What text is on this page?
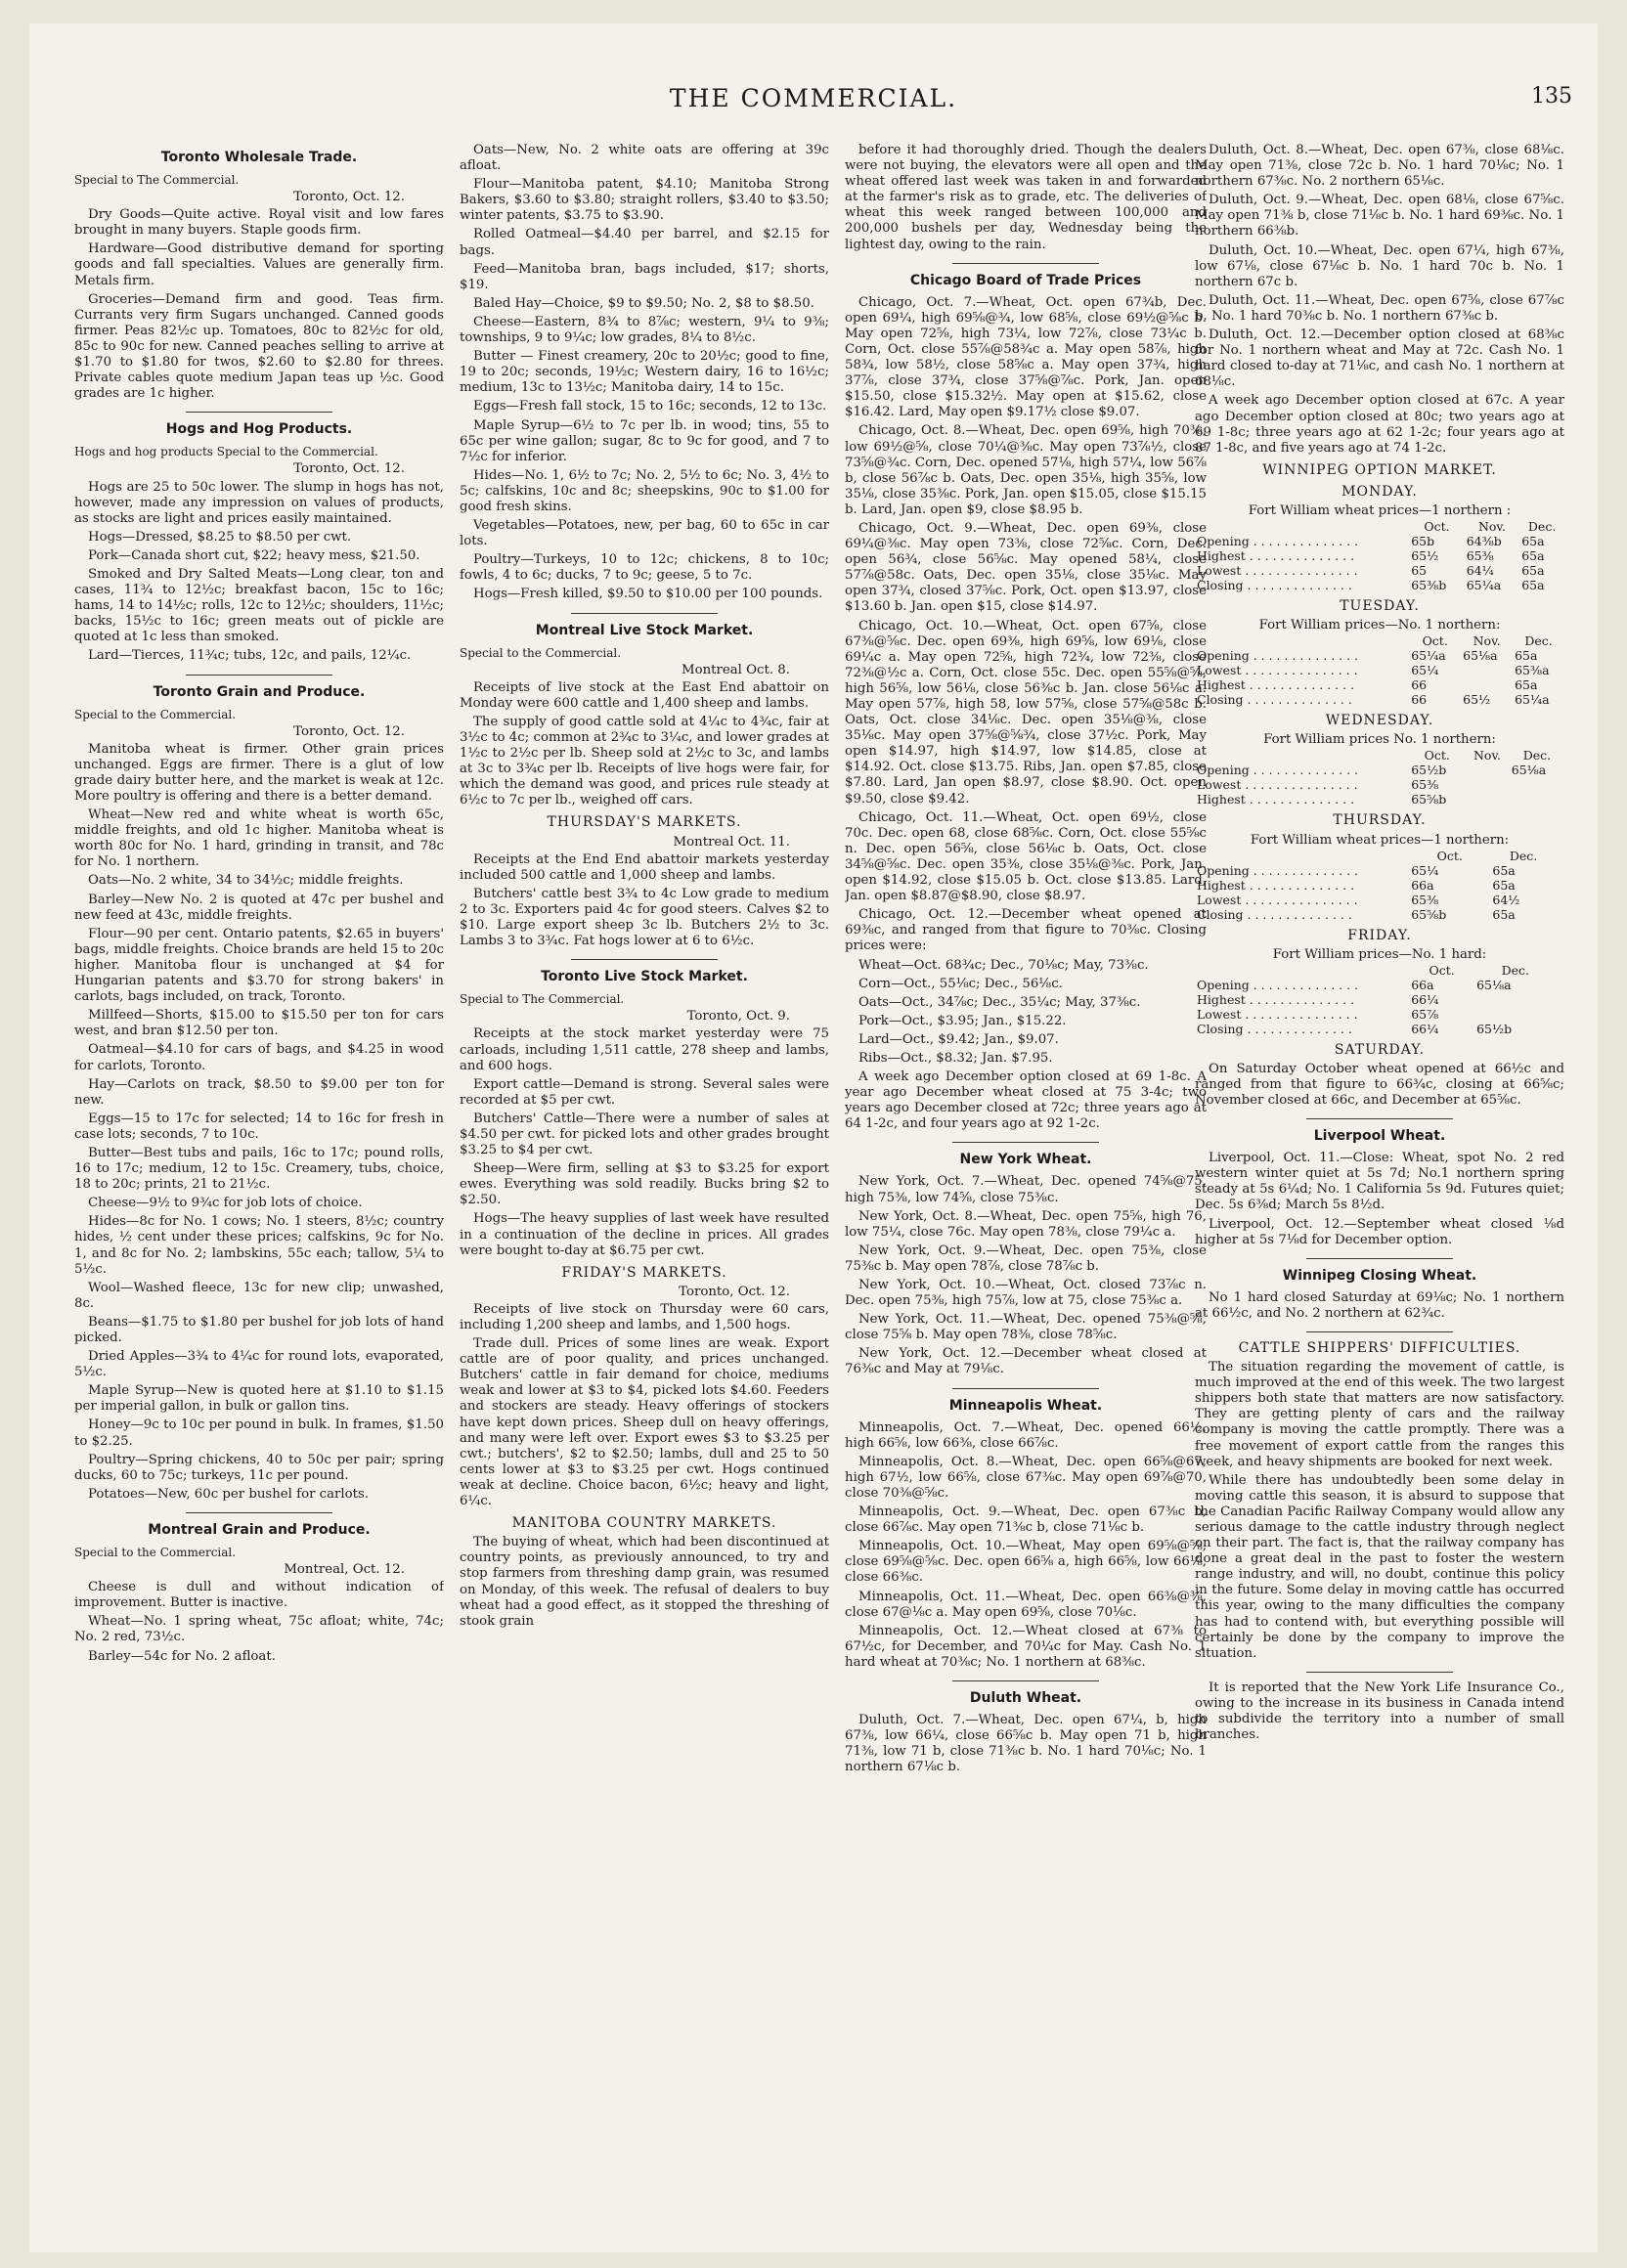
THE COMMERCIAL.	135
Toronto Wholesale Trade.
Special to The Commercial.
Toronto, Oct. 12.

Dry Goods—Quite active. Royal visit and low fares brought in many buyers. Staple goods firm.

Hardware—Good distributive demand for sporting goods and fall specialties. Values are generally firm. Metals firm.

Groceries—Demand firm and good. Teas firm. Currants very firm Sugars unchanged. Canned goods firmer. Peas 82½c up. Tomatoes, 80c to 82½c for old, 85c to 90c for new. Canned peaches selling to arrive at $1.70 to $1.80 for twos, $2.60 to $2.80 for threes. Private cables quote medium Japan teas up ½c. Good grades are 1c higher.

Hogs and Hog Products.
Hogs and hog products Special to the Commercial.
Toronto, Oct. 12.

Hogs are 25 to 50c lower. The slump in hogs has not, however, made any impression on values of products, as stocks are light and prices easily maintained.

Hogs—Dressed, $8.25 to $8.50 per cwt.

Pork—Canada short cut, $22; heavy mess, $21.50.

Smoked and Dry Salted Meats—Long clear, ton and cases, 11¾ to 12½c; breakfast bacon, 15c to 16c; hams, 14 to 14½c; rolls, 12c to 12½c; shoulders, 11½c; backs, 15½c to 16c; green meats out of pickle are quoted at 1c less than smoked.

Lard—Tierces, 11¾c; tubs, 12c, and pails, 12¼c.

Toronto Grain and Produce.
Special to the Commercial.
Toronto, Oct. 12.

Manitoba wheat is firmer. Other grain prices unchanged. Eggs are firmer. There is a glut of low grade dairy butter here, and the market is weak at 12c. More poultry is offering and there is a better demand.

Wheat—New red and white wheat is worth 65c, middle freights, and old 1c higher. Manitoba wheat is worth 80c for No. 1 hard, grinding in transit, and 78c for No. 1 northern.

Oats—No. 2 white, 34 to 34½c; middle freights.

Barley—New No. 2 is quoted at 47c per bushel and new feed at 43c, middle freights.

Flour—90 per cent. Ontario patents, $2.65 in buyers' bags, middle freights. Choice brands are held 15 to 20c higher. Manitoba flour is unchanged at $4 for Hungarian patents and $3.70 for strong bakers' in carlots, bags included, on track, Toronto.

Millfeed—Shorts, $15.00 to $15.50 per ton for cars west, and bran $12.50 per ton.

Oatmeal—$4.10 for cars of bags, and $4.25 in wood for carlots, Toronto.

Hay—Carlots on track, $8.50 to $9.00 per ton for new.

Eggs—15 to 17c for selected; 14 to 16c for fresh in case lots; seconds, 7 to 10c.

Butter—Best tubs and pails, 16c to 17c; pound rolls, 16 to 17c; medium, 12 to 15c. Creamery, tubs, choice, 18 to 20c; prints, 21 to 21½c.

Cheese—9½ to 9¾c for job lots of choice.

Hides—8c for No. 1 cows; No. 1 steers, 8½c; country hides, ½ cent under these prices; calfskins, 9c for No. 1, and 8c for No. 2; lambskins, 55c each; tallow, 5¼ to 5½c.

Wool—Washed fleece, 13c for new clip; unwashed, 8c.

Beans—$1.75 to $1.80 per bushel for job lots of hand picked.

Dried Apples—3¾ to 4¼c for round lots, evaporated, 5½c.

Maple Syrup—New is quoted here at $1.10 to $1.15 per imperial gallon, in bulk or gallon tins.

Honey—9c to 10c per pound in bulk. In frames, $1.50 to $2.25.

Poultry—Spring chickens, 40 to 50c per pair; spring ducks, 60 to 75c; turkeys, 11c per pound.

Potatoes—New, 60c per bushel for carlots.

Montreal Grain and Produce.
Special to the Commercial.
Montreal, Oct. 12.

Cheese is dull and without indication of improvement. Butter is inactive.

Wheat—No. 1 spring wheat, 75c afloat; white, 74c; No. 2 red, 73½c.

Barley—54c for No. 2 afloat.

Oats—New, No. 2 white oats are offering at 39c afloat.

Flour—Manitoba patent, $4.10; Manitoba Strong Bakers, $3.60 to $3.80; straight rollers, $3.40 to $3.50; winter patents, $3.75 to $3.90.

Rolled Oatmeal—$4.40 per barrel, and $2.15 for bags.

Feed—Manitoba bran, bags included, $17; shorts, $19.

Baled Hay—Choice, $9 to $9.50; No. 2, $8 to $8.50.

Cheese—Eastern, 8¾ to 8⅞c; western, 9¼ to 9⅜; townships, 9 to 9¼c; low grades, 8¼ to 8½c.

Butter — Finest creamery, 20c to 20½c; good to fine, 19 to 20c; seconds, 19½c; Western dairy, 16 to 16½c; medium, 13c to 13½c; Manitoba dairy, 14 to 15c.

Eggs—Fresh fall stock, 15 to 16c; seconds, 12 to 13c.

Maple Syrup—6½ to 7c per lb. in wood; tins, 55 to 65c per wine gallon; sugar, 8c to 9c for good, and 7 to 7½c for inferior.

Hides—No. 1, 6½ to 7c; No. 2, 5½ to 6c; No. 3, 4½ to 5c; calfskins, 10c and 8c; sheepskins, 90c to $1.00 for good fresh skins.

Vegetables—Potatoes, new, per bag, 60 to 65c in car lots.

Poultry—Turkeys, 10 to 12c; chickens, 8 to 10c; fowls, 4 to 6c; ducks, 7 to 9c; geese, 5 to 7c.

Hogs—Fresh killed, $9.50 to $10.00 per 100 pounds.

Montreal Live Stock Market.
Special to the Commercial.
Montreal Oct. 8.

Receipts of live stock at the East End abattoir on Monday were 600 cattle and 1,400 sheep and lambs.

The supply of good cattle sold at 4¼c to 4¾c, fair at 3½c to 4c; common at 2¾c to 3¼c, and lower grades at 1½c to 2½c per lb. Sheep sold at 2½c to 3c, and lambs at 3c to 3¾c per lb. Receipts of live hogs were fair, for which the demand was good, and prices rule steady at 6½c to 7c per lb., weighed off cars.

THURSDAY'S MARKETS.
Montreal Oct. 11.

Receipts at the End End abattoir markets yesterday included 500 cattle and 1,000 sheep and lambs.

Butchers' cattle best 3¾ to 4c Low grade to medium 2 to 3c. Exporters paid 4c for good steers. Calves $2 to $10. Large export sheep 3c lb. Butchers 2½ to 3c. Lambs 3 to 3¾c. Fat hogs lower at 6 to 6½c.

Toronto Live Stock Market.
Special to The Commercial.
Toronto, Oct. 9.

Receipts at the stock market yesterday were 75 carloads, including 1,511 cattle, 278 sheep and lambs, and 600 hogs.

Export cattle—Demand is strong. Several sales were recorded at $5 per cwt.

Butchers' Cattle—There were a number of sales at $4.50 per cwt. for picked lots and other grades brought $3.25 to $4 per cwt.

Sheep—Were firm, selling at $3 to $3.25 for export ewes. Everything was sold readily. Bucks bring $2 to $2.50.

Hogs—The heavy supplies of last week have resulted in a continuation of the decline in prices. All grades were bought to-day at $6.75 per cwt.

FRIDAY'S MARKETS.
Toronto, Oct. 12.

Receipts of live stock on Thursday were 60 cars, including 1,200 sheep and lambs, and 1,500 hogs.

Trade dull. Prices of some lines are weak. Export cattle are of poor quality, and prices unchanged. Butchers' cattle in fair demand for choice, mediums weak and lower at $3 to $4, picked lots $4.60. Feeders and stockers are steady. Heavy offerings of stockers have kept down prices. Sheep dull on heavy offerings, and many were left over. Export ewes $3 to $3.25 per cwt.; butchers', $2 to $2.50; lambs, dull and 25 to 50 cents lower at $3 to $3.25 per cwt. Hogs continued weak at decline. Choice bacon, 6½c; heavy and light, 6¼c.

MANITOBA COUNTRY MARKETS.

The buying of wheat, which had been discontinued at country points, as previously announced, to try and stop farmers from threshing damp grain, was resumed on Monday, of this week. The refusal of dealers to buy wheat had a good effect, as it stopped the threshing of stook grain

before it had thoroughly dried. Though the dealers were not buying, the elevators were all open and the wheat offered last week was taken in and forwarded at the farmer's risk as to grade, etc. The deliveries of wheat this week ranged between 100,000 and 200,000 bushels per day, Wednesday being the lightest day, owing to the rain.

Chicago Board of Trade Prices

Chicago, Oct. 7.—Wheat, Oct. open 67¾b, Dec. open 69¼, high 69⅝@¾, low 68⅝, close 69½@⅝c b. May open 72⅝, high 73¼, low 72⅞, close 73¼c b. Corn, Oct. close 55⅞@58¾c a. May open 58⅞, high 58¾, low 58½, close 58⅝c a. May open 37¾, high 37⅞, close 37¾, close 37⅝@⅞c. Pork, Jan. open $15.50, close $15.32½. May open at $15.62, close $16.42. Lard, May open $9.17½ close $9.07.

Chicago, Oct. 8.—Wheat, Dec. open 69⅝, high 70⅜, low 69½@⅝, close 70¼@⅜c. May open 73⅞½, close 73⅝@¾c. Corn, Dec. opened 57⅛, high 57¼, low 56⅞ b, close 56⅞c b. Oats, Dec. open 35⅛, high 35⅝, low 35⅛, close 35⅜c. Pork, Jan. open $15.05, close $15.15 b. Lard, Jan. open $9, close $8.95 b.

Chicago, Oct. 9.—Wheat, Dec. open 69⅜, close 69¼@⅜c. May open 73⅜, close 72⅝c. Corn, Dec. open 56¾, close 56⅝c. May opened 58¼, close 57⅞@58c. Oats, Dec. open 35⅛, close 35⅛c. May open 37¾, closed 37⅝c. Pork, Oct. open $13.97, close $13.60 b. Jan. open $15, close $14.97.

Chicago, Oct. 10.—Wheat, Oct. open 67⅝, close 67⅜@⅝c. Dec. open 69⅜, high 69⅝, low 69⅛, close 69¼c a. May open 72⅝, high 72¾, low 72⅜, close 72⅜@½c a. Corn, Oct. close 55c. Dec. open 55⅝@⅝, high 56⅝, low 56⅛, close 56⅜c b. Jan. close 56⅛c a. May open 57⅞, high 58, low 57⅝, close 57⅝@58c b. Oats, Oct. close 34⅛c. Dec. open 35⅛@⅜, close 35⅛c. May open 37⅝@⅝¾, close 37½c. Pork, May open $14.97, high $14.97, low $14.85, close at $14.92. Oct. close $13.75. Ribs, Jan. open $7.85, close $7.80. Lard, Jan open $8.97, close $8.90. Oct. open $9.50, close $9.42.

Chicago, Oct. 11.—Wheat, Oct. open 69½, close 70c. Dec. open 68, close 68⅝c. Corn, Oct. close 55⅝c n. Dec. open 56⅝, close 56⅛c b. Oats, Oct. close 34⅝@⅝c. Dec. open 35⅜, close 35⅛@⅜c. Pork, Jan. open $14.92, close $15.05 b. Oct. close $13.85. Lard, Jan. open $8.87@$8.90, close $8.97.

Chicago, Oct. 12.—December wheat opened at 69⅜c, and ranged from that figure to 70⅜c. Closing prices were:

Wheat—Oct. 68¾c; Dec., 70⅛c; May, 73⅜c.

Corn—Oct., 55⅛c; Dec., 56⅛c.

Oats—Oct., 34⅞c; Dec., 35¼c; May, 37⅜c.

Pork—Oct., $3.95; Jan., $15.22.

Lard—Oct., $9.42; Jan., $9.07.

Ribs—Oct., $8.32; Jan. $7.95.

A week ago December option closed at 69 1-8c. A year ago December wheat closed at 75 3-4c; two years ago December closed at 72c; three years ago at 64 1-2c, and four years ago at 92 1-2c.

New York Wheat.

New York, Oct. 7.—Wheat, Dec. opened 74⅝@75, high 75⅜, low 74⅝, close 75⅜c.

New York, Oct. 8.—Wheat, Dec. open 75⅝, high 76, low 75¼, close 76c. May open 78⅜, close 79¼c a.

New York, Oct. 9.—Wheat, Dec. open 75⅜, close 75⅜c b. May open 78⅞, close 78⅞c b.

New York, Oct. 10.—Wheat, Oct. closed 73⅞c n. Dec. open 75⅜, high 75⅞, low at 75, close 75⅜c a.

New York, Oct. 11.—Wheat, Dec. opened 75⅜@⅝, close 75⅝ b. May open 78⅜, close 78⅝c.

New York, Oct. 12.—December wheat closed at 76⅜c and May at 79⅛c.

Minneapolis Wheat.

Minneapolis, Oct. 7.—Wheat, Dec. opened 66½, high 66⅝, low 66⅜, close 66⅞c.

Minneapolis, Oct. 8.—Wheat, Dec. open 66⅝@67, high 67½, low 66⅝, close 67⅜c. May open 69⅞@70, close 70⅜@⅝c.

Minneapolis, Oct. 9.—Wheat, Dec. open 67⅜c b, close 66⅞c. May open 71⅜c b, close 71⅛c b.

Minneapolis, Oct. 10.—Wheat, May open 69⅝@⅝, close 69⅝@⅝c. Dec. open 66⅝ a, high 66⅝, low 66⅛, close 66⅜c.

Minneapolis, Oct. 11.—Wheat, Dec. open 66⅜@⅜, close 67@⅛c a. May open 69⅝, close 70⅛c.

Minneapolis, Oct. 12.—Wheat closed at 67⅜ to 67½c, for December, and 70¼c for May. Cash No. 1 hard wheat at 70⅜c; No. 1 northern at 68⅜c.

Duluth Wheat.

Duluth, Oct. 7.—Wheat, Dec. open 67¼, b, high 67⅜, low 66¼, close 66⅝c b. May open 71 b, high 71⅜, low 71 b, close 71⅜c b. No. 1 hard 70⅛c; No. 1 northern 67⅛c b.

Duluth, Oct. 8.—Wheat, Dec. open 67⅜, close 68⅛c. May open 71⅜, close 72c b. No. 1 hard 70⅛c; No. 1 northern 67⅜c. No. 2 northern 65⅛c.

Duluth, Oct. 9.—Wheat, Dec. open 68⅛, close 67⅝c. May open 71⅜ b, close 71⅛c b. No. 1 hard 69⅜c. No. 1 northern 66⅜b.

Duluth, Oct. 10.—Wheat, Dec. open 67¼, high 67⅜, low 67⅛, close 67⅛c b. No. 1 hard 70c b. No. 1 northern 67c b.

Duluth, Oct. 11.—Wheat, Dec. open 67⅝, close 67⅞c b. No. 1 hard 70⅜c b. No. 1 northern 67⅜c b.

Duluth, Oct. 12.—December option closed at 68⅜c for No. 1 northern wheat and May at 72c. Cash No. 1 hard closed to-day at 71⅛c, and cash No. 1 northern at 68⅛c.

A week ago December option closed at 67c. A year ago December option closed at 80c; two years ago at 69 1-8c; three years ago at 62 1-2c; four years ago at 87 1-8c, and five years ago at 74 1-2c.

WINNIPEG OPTION MARKET.
MONDAY.
Fort William wheat prices—1 northern :
	Oct.	Nov.	Dec.
Opening . . . . . . . . . . . . . .	65b	64⅜b	65a
Highest . . . . . . . . . . . . . .	65½	65⅜	65a
Lowest . . . . . . . . . . . . . . .	65	64¼	65a
Closing . . . . . . . . . . . . . .	65⅜b	65¼a	65a
TUESDAY.
Fort William prices—No. 1 northern:
	Oct.	Nov.	Dec.
Opening . . . . . . . . . . . . . .	65¼a	65⅛a	65a
Lowest . . . . . . . . . . . . . . .	65¼		65⅜a
Highest . . . . . . . . . . . . . .	66		65a
Closing . . . . . . . . . . . . . .	66	65½	65¼a
WEDNESDAY.
Fort William prices No. 1 northern:
	Oct.	Nov.	Dec.
Opening . . . . . . . . . . . . . .	65½b		65⅛a
Lowest . . . . . . . . . . . . . . .	65⅜		
Highest . . . . . . . . . . . . . .	65⅝b		
THURSDAY.
Fort William wheat prices—1 northern:
	Oct.	Dec.	
Opening . . . . . . . . . . . . . .	65¼	65a	
Highest . . . . . . . . . . . . . .	66a	65a	
Lowest . . . . . . . . . . . . . . .	65⅜	64½	
Closing . . . . . . . . . . . . . .	65⅝b	65a	
FRIDAY.
Fort William prices—No. 1 hard:
	Oct.	Dec.	
Opening . . . . . . . . . . . . . .	66a	65⅛a	
Highest . . . . . . . . . . . . . .	66¼		
Lowest . . . . . . . . . . . . . . .	65⅞		
Closing . . . . . . . . . . . . . .	66¼	65½b	
SATURDAY.

On Saturday October wheat opened at 66½c and ranged from that figure to 66¾c, closing at 66⅝c; November closed at 66c, and December at 65⅝c.

Liverpool Wheat.

Liverpool, Oct. 11.—Close: Wheat, spot No. 2 red western winter quiet at 5s 7d; No.1 northern spring steady at 5s 6¼d; No. 1 California 5s 9d. Futures quiet; Dec. 5s 6⅜d; March 5s 8½d.

Liverpool, Oct. 12.—September wheat closed ⅛d higher at 5s 7⅛d for December option.

Winnipeg Closing Wheat.

No 1 hard closed Saturday at 69⅛c; No. 1 northern at 66½c, and No. 2 northern at 62¾c.

CATTLE SHIPPERS' DIFFICULTIES.

The situation regarding the movement of cattle, is much improved at the end of this week. The two largest shippers both state that matters are now satisfactory. They are getting plenty of cars and the railway company is moving the cattle promptly. There was a free movement of export cattle from the ranges this week, and heavy shipments are booked for next week.

While there has undoubtedly been some delay in moving cattle this season, it is absurd to suppose that the Canadian Pacific Railway Company would allow any serious damage to the cattle industry through neglect on their part. The fact is, that the railway company has done a great deal in the past to foster the western range industry, and will, no doubt, continue this policy in the future. Some delay in moving cattle has occurred this year, owing to the many difficulties the company has had to contend with, but everything possible will certainly be done by the company to improve the situation.

It is reported that the New York Life Insurance Co., owing to the increase in its business in Canada intend to subdivide the territory into a number of small branches.
